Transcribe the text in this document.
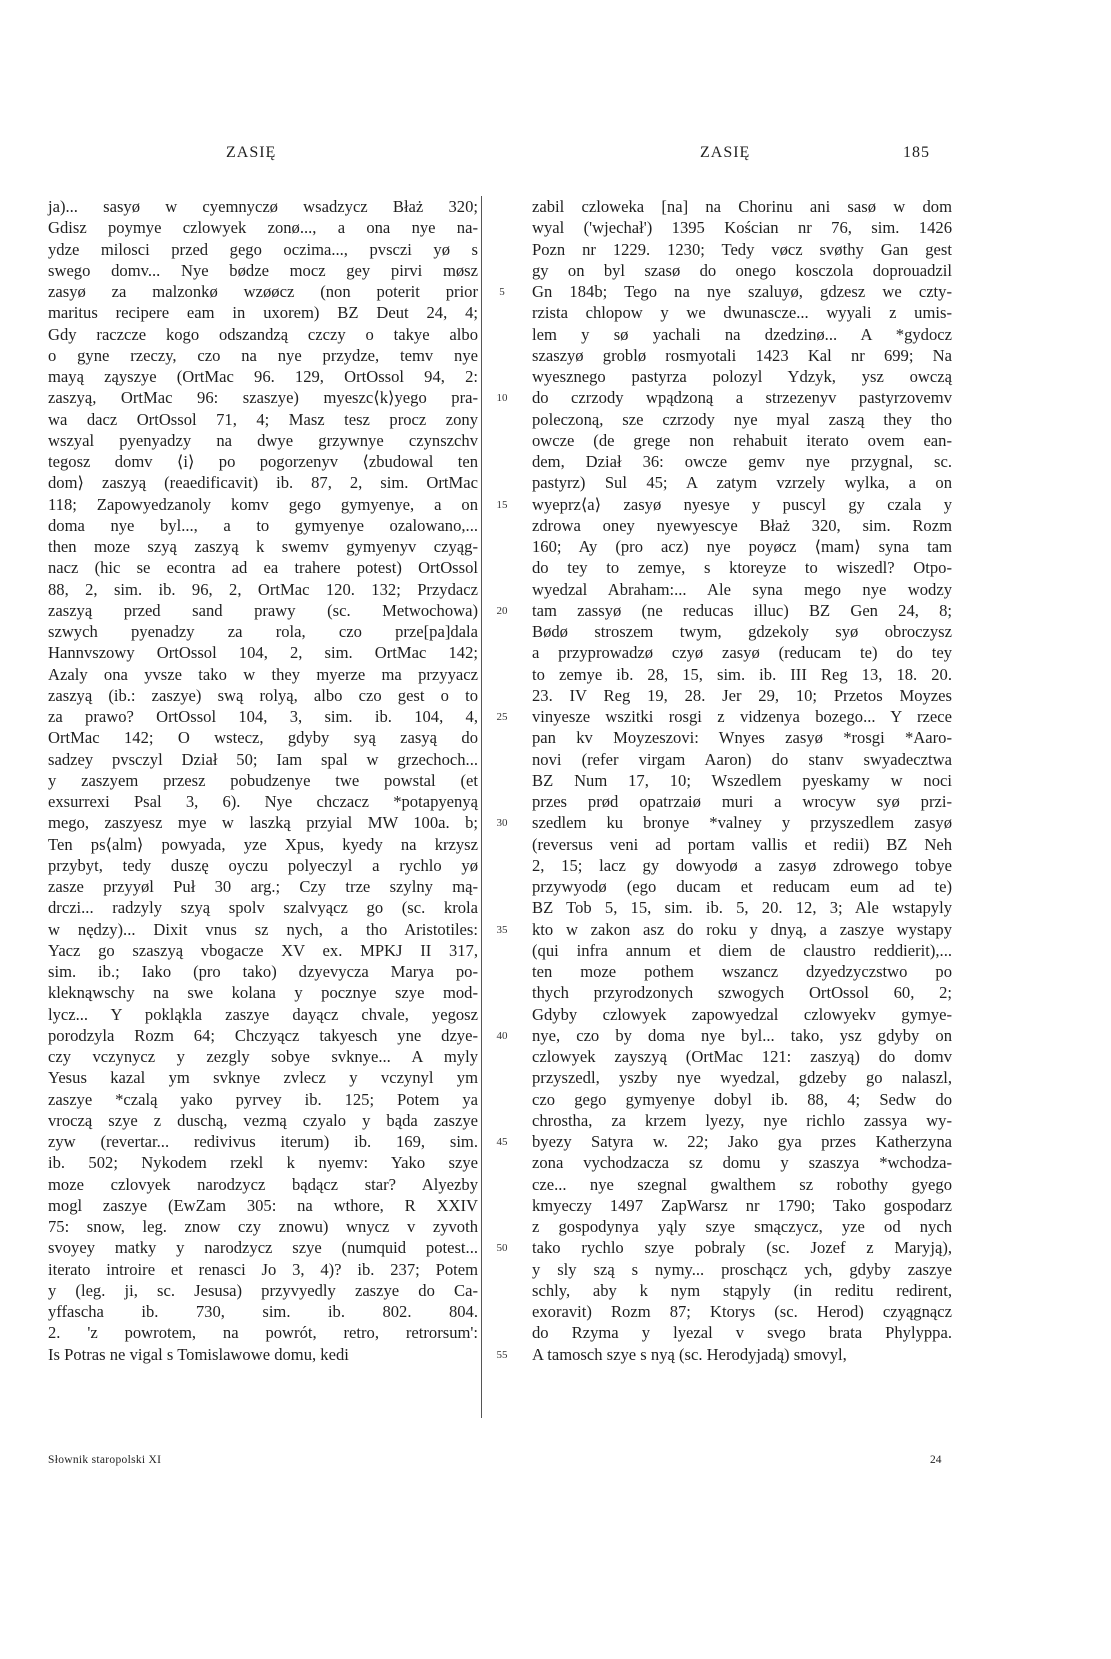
ZASIĘ	ZASIĘ	185
ja)... sasyø w cyemnyczø wsadzycz Błaż 320;
Gdisz poymye czlowyek zonø..., a ona nye na-
ydze milosci przed gego oczima..., pvsczi yø s
swego domv... Nye bødze mocz gey pirvi møsz
zasyø za malzonkø wzøøcz (non poterit prior
maritus recipere eam in uxorem) BZ Deut 24, 4;
Gdy raczcze kogo odszandzą czczy o takye albo
o gyne rzeczy, czo na nye przydze, temv nye
mayą ząyszye (OrtMac 96. 129, OrtOssol 94, 2:
zaszyą, OrtMac 96: szaszye) myeszc⟨k⟩yego pra-
wa dacz OrtOssol 71, 4; Masz tesz procz zony
wszyal pyenyadzy na dwye grzywnye czynszchv
tegosz domv ⟨i⟩ po pogorzenyv ⟨zbudowal ten
dom⟩ zaszyą (reaedificavit) ib. 87, 2, sim. OrtMac
118; Zapowyedzanoly komv gego gymyenye, a on
doma nye byl..., a to gymyenye ozalowano,...
then moze szyą zaszyą k swemv gymyenyv czyąg-
nacz (hic se econtra ad ea trahere potest) OrtOssol
88, 2, sim. ib. 96, 2, OrtMac 120. 132; Przydacz
zaszyą przed sand prawy (sc. Metwochowa)
szwych pyenadzy za rola, czo prze[pa]dala
Hannvszowy OrtOssol 104, 2, sim. OrtMac 142;
Azaly ona yvsze tako w they myerze ma przyyacz
zaszyą (ib.: zaszye) swą rolyą, albo czo gest o to
za prawo? OrtOssol 104, 3, sim. ib. 104, 4,
OrtMac 142; O wstecz, gdyby syą zasyą do
sadzey pvsczyl Dział 50; Iam spal w grzechoch...
y zaszyem przesz pobudzenye twe powstal (et
exsurrexi Psal 3, 6). Nye chczacz *potapyenyą
mego, zaszyesz mye w laszką przyial MW 100a. b;
Ten ps⟨alm⟩ powyada, yze Xpus, kyedy na krzysz
przybyt, tedy duszę oyczu polyeczyl a rychlo yø
zasze przyyøl Puł 30 arg.; Czy trze szylny mą-
drczi... radzyly szyą spolv szalvyącz go (sc. krola
w nędzy)... Dixit vnus sz nych, a tho Aristotiles:
Yacz go szaszyą vbogacze XV ex. MPKJ II 317,
sim. ib.; Iako (pro tako) dzyevycza Marya po-
kleknąwschy na swe kolana y pocznye szye mod-
lycz... Y pokląkla zaszye dayącz chvale, yegosz
porodzyla Rozm 64; Chczyącz takyesch yne dzye-
czy vczynycz y zezgly sobye svknye... A myly
Yesus kazal ym svknye zvlecz y vczynyl ym
zaszye *czalą yako pyrvey ib. 125; Potem ya
vroczą szye z duschą, vezmą czyalo y bąda zaszye
zyw (revertar... redivivus iterum) ib. 169, sim.
ib. 502; Nykodem rzekl k nyemv: Yako szye
moze czlovyek narodzycz bądącz star? Alyezby
mogl zaszye (EwZam 305: na wthore, R XXIV
75: snow, leg. znow czy znowu) wnycz v zyvoth
svoyey matky y narodzycz szye (numquid potest...
iterato introire et renasci Jo 3, 4)? ib. 237; Potem
y (leg. ji, sc. Jesusa) przyvyedly zaszye do Ca-
yffascha ib. 730, sim. ib. 802. 804.
2. 'z powrotem, na powrót, retro, retrorsum':
Is Potras ne vigal s Tomislawowe domu, kedi
5
10
15
20
25
30
35
40
45
50
55
zabil czloweka [na] na Chorinu ani sasø w dom
wyal ('wjechał') 1395 Kościan nr 76, sim. 1426
Pozn nr 1229. 1230; Tedy vøcz svøthy Gan gest
gy on byl szasø do onego kosczola doprouadzil
Gn 184b; Tego na nye szaluyø, gdzesz we czty-
rzista chlopow y we dwunascze... wyyali z umis-
lem y sø yachali na dzedzinø... A *gydocz
szaszyø groblø rosmyotali 1423 Kal nr 699; Na
wyesznego pastyrza polozyl Ydzyk, ysz owczą
do czrzody wpądzoną a strzezenyv pastyrzovemv
poleczoną, sze czrzody nye myal zaszą they tho
owcze (de grege non rehabuit iterato ovem ean-
dem, Dział 36: owcze gemv nye przygnal, sc.
pastyrz) Sul 45; A zatym vzrzely wylka, a on
wyeprz⟨a⟩ zasyø nyesye y puscyl gy czala y
zdrowa oney nyewyescye Błaż 320, sim. Rozm
160; Ay (pro acz) nye poyøcz ⟨mam⟩ syna tam
do tey to zemye, s ktoreyze to wiszedl? Otpo-
wyedzal Abraham:... Ale syna mego nye wodzy
tam zassyø (ne reducas illuc) BZ Gen 24, 8;
Bødø stroszem twym, gdzekoly syø obroczysz
a przyprowadzø czyø zasyø (reducam te) do tey
to zemye ib. 28, 15, sim. ib. III Reg 13, 18. 20.
23. IV Reg 19, 28. Jer 29, 10; Przetos Moyzes
vinyesze wszitki rosgi z vidzenya bozego... Y rzece
pan kv Moyzeszovi: Wnyes zasyø *rosgi *Aaro-
novi (refer virgam Aaron) do stanv swyadecztwa
BZ Num 17, 10; Wszedlem pyeskamy w noci
przes prød opatrzaiø muri a wrocyw syø przi-
szedlem ku bronye *valney y przyszedlem zasyø
(reversus veni ad portam vallis et redii) BZ Neh
2, 15; lacz gy dowyodø a zasyø zdrowego tobye
przywyodø (ego ducam et reducam eum ad te)
BZ Tob 5, 15, sim. ib. 5, 20. 12, 3; Ale wstapyly
kto w zakon asz do roku y dnyą, a zaszye wystapy
(qui infra annum et diem de claustro reddierit),...
ten moze pothem wszancz dzyedzyczstwo po
thych przyrodzonych szwogych OrtOssol 60, 2;
Gdyby czlowyek zapowyedzal czlowyekv gymye-
nye, czo by doma nye byl... tako, ysz gdyby on
czlowyek zayszyą (OrtMac 121: zaszyą) do domv
przyszedl, yszby nye wyedzal, gdzeby go nalaszl,
czo gego gymyenye dobyl ib. 88, 4; Sedw do
chrostha, za krzem lyezy, nye richlo zassya wy-
byezy Satyra w. 22; Jako gya przes Katherzyna
zona vychodzacza sz domu y szaszya *wchodza-
cze... nye szegnal gwalthem sz robothy gyego
kmyeczy 1497 ZapWarsz nr 1790; Tako gospodarz
z gospodynya yąly szye smączycz, yze od nych
tako rychlo szye pobraly (sc. Jozef z Maryją),
y sly szą s nymy... proschącz ych, gdyby zaszye
schly, aby k nym stąpyly (in reditu redirent,
exoravit) Rozm 87; Ktorys (sc. Herod) czyągnącz
do Rzyma y lyezal v svego brata Phylyppa.
A tamosch szye s nyą (sc. Herodyjadą) smovyl,
Słownik staropolski XI	24
